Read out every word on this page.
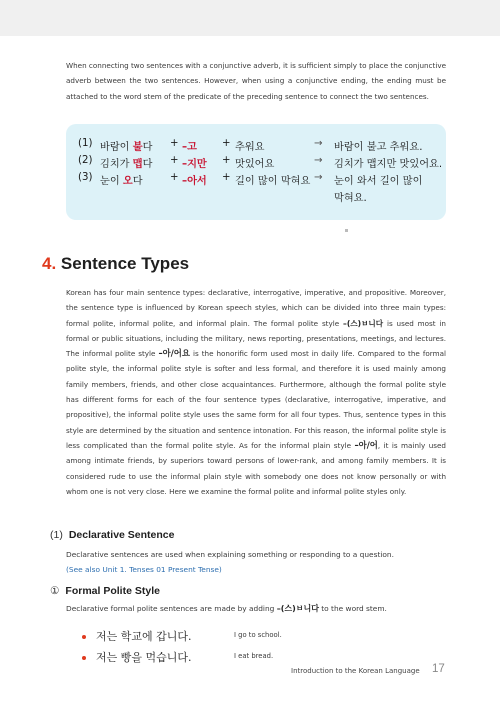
When connecting two sentences with a conjunctive adverb, it is sufficient simply to place the conjunctive adverb between the two sentences. However, when using a conjunctive ending, the ending must be attached to the word stem of the predicate of the preceding sentence to connect the two sentences.
(1) 바람이 불다 + –고 + 추워요	→ 바람이 불고 추워요.
(2) 김치가 맵다 + –지만 + 맛있어요	→ 김치가 맵지만 맛있어요.
(3) 눈이 오다	+ –아서 + 길이 많이 막혀요 → 눈이 와서 길이 많이
막혀요.
4. Sentence Types
Korean has four main sentence types: declarative, interrogative, imperative, and propositive. Moreover, the sentence type is influenced by Korean speech styles, which can be divided into three main types: formal polite, informal polite, and informal plain. The formal polite style –(스)ㅂ니다 is used most in formal or public situations, including the military, news reporting, presentations, meetings, and lectures. The informal polite style –아/어요 is the honorific form used most in daily life. Compared to the formal polite style, the informal polite style is softer and less formal, and therefore it is used mainly among family members, friends, and other close acquaintances. Furthermore, although the formal polite style has different forms for each of the four sentence types (declarative, interrogative, imperative, and propositive), the informal polite style uses the same form for all four types. Thus, sentence types in this style are determined by the situation and sentence intonation. For this reason, the informal polite style is less complicated than the formal polite style. As for the informal plain style –아/어, it is mainly used among intimate friends, by superiors toward persons of lower-rank, and among family members. It is considered rude to use the informal plain style with somebody one does not know personally or with whom one is not very close. Here we examine the formal polite and informal polite styles only.
(1) Declarative Sentence
Declarative sentences are used when explaining something or responding to a question.
(See also Unit 1. Tenses 01 Present Tense)
① Formal Polite Style
Declarative formal polite sentences are made by adding –(스)ㅂ니다 to the word stem.
저는 학교에 갑니다.	I go to school.
저는 빵을 먹습니다.	I eat bread.
Introduction to the Korean Language 17
